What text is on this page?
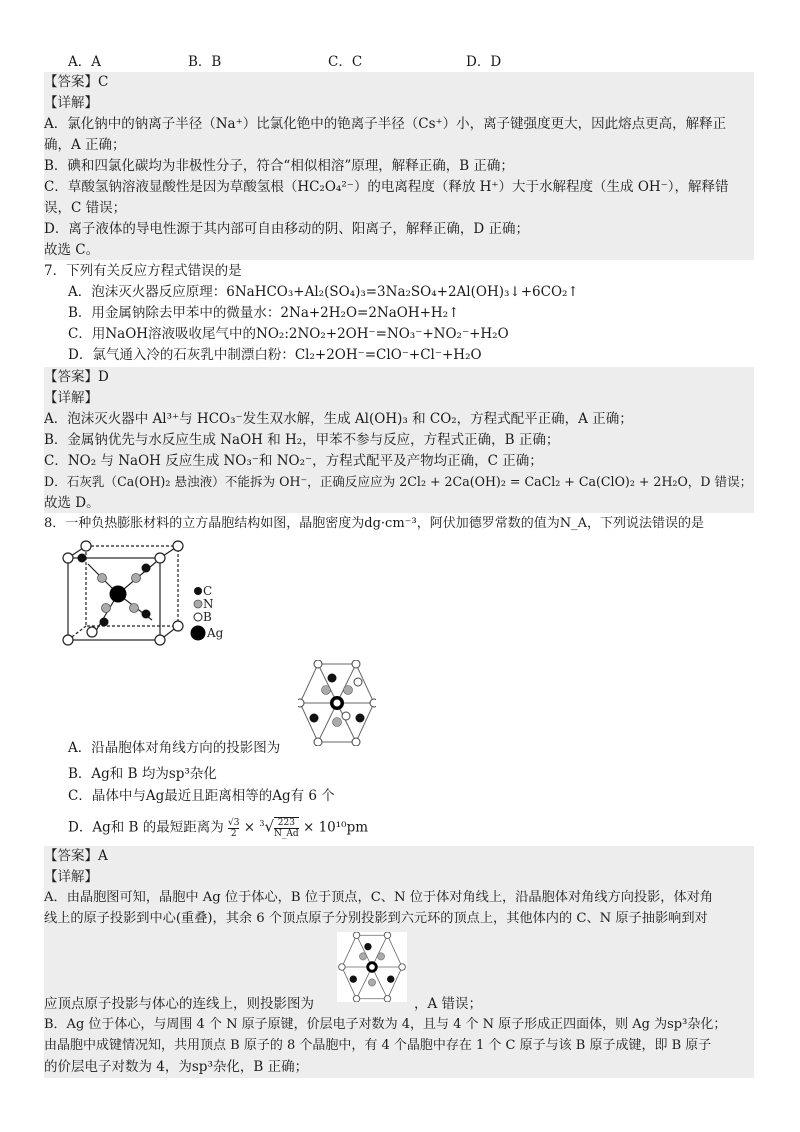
A．A	B．B	C．C	D．D
【答案】C
【详解】
A．氯化钠中的钠离子半径（Na⁺）比氯化铯中的铯离子半径（Cs⁺）小，离子键强度更大，因此熔点更高，解释正
确，A 正确；
B．碘和四氯化碳均为非极性分子，符合“相似相溶”原理，解释正确，B 正确；
C．草酸氢钠溶液显酸性是因为草酸氢根（HC₂O₄²⁻）的电离程度（释放 H⁺）大于水解程度（生成 OH⁻），解释错
误，C 错误；
D．离子液体的导电性源于其内部可自由移动的阴、阳离子，解释正确，D 正确；
故选 C。
7．下列有关反应方程式错误的是
A．泡沫灭火器反应原理：6NaHCO₃+Al₂(SO₄)₃=3Na₂SO₄+2Al(OH)₃↓+6CO₂↑
B．用金属钠除去甲苯中的微量水：2Na+2H₂O=2NaOH+H₂↑
C．用NaOH溶液吸收尾气中的NO₂:2NO₂+2OH⁻=NO₃⁻+NO₂⁻+H₂O
D．氯气通入冷的石灰乳中制漂白粉：Cl₂+2OH⁻=ClO⁻+Cl⁻+H₂O
【答案】D
【详解】
A．泡沫灭火器中 Al³⁺与 HCO₃⁻发生双水解，生成 Al(OH)₃ 和 CO₂，方程式配平正确，A 正确；
B．金属钠优先与水反应生成 NaOH 和 H₂，甲苯不参与反应，方程式正确，B 正确；
C．NO₂ 与 NaOH 反应生成 NO₃⁻和 NO₂⁻，方程式配平及产物均正确，C 正确；
D．石灰乳（Ca(OH)₂ 悬浊液）不能拆为 OH⁻，正确反应应为 2Cl₂ + 2Ca(OH)₂ = CaCl₂ + Ca(ClO)₂ + 2H₂O，D 错误；
故选 D。
8．一种负热膨胀材料的立方晶胞结构如图，晶胞密度为dg·cm⁻³，阿伏加德罗常数的值为N_A，下列说法错误的是
C
N
B
Ag
A．沿晶胞体对角线方向的投影图为
B．Ag和 B 均为sp³杂化
C．晶体中与Ag最近且距离相等的Ag有 6 个
D．Ag和 B 的最短距离为 $\frac{√3}{2} \times ^3√ \frac{223}{N\_Ad} \times 10^{10}pm$
【答案】A
【详解】
A．由晶胞图可知，晶胞中 Ag 位于体心，B 位于顶点，C、N 位于体对角线上，沿晶胞体对角线方向投影，体对角
线上的原子投影到中心(重叠)，其余 6 个顶点原子分别投影到六元环的顶点上，其他体内的 C、N 原子抽影响到对
应顶点原子投影与体心的连线上，则投影图为	，A 错误；
B．Ag 位于体心，与周围 4 个 N 原子原键，价层电子对数为 4，且与 4 个 N 原子形成正四面体，则 Ag 为sp³杂化；
由晶胞中成键情况知，共用顶点 B 原子的 8 个晶胞中，有 4 个晶胞中存在 1 个 C 原子与该 B 原子成键，即 B 原子
的价层电子对数为 4，为sp³杂化，B 正确；
